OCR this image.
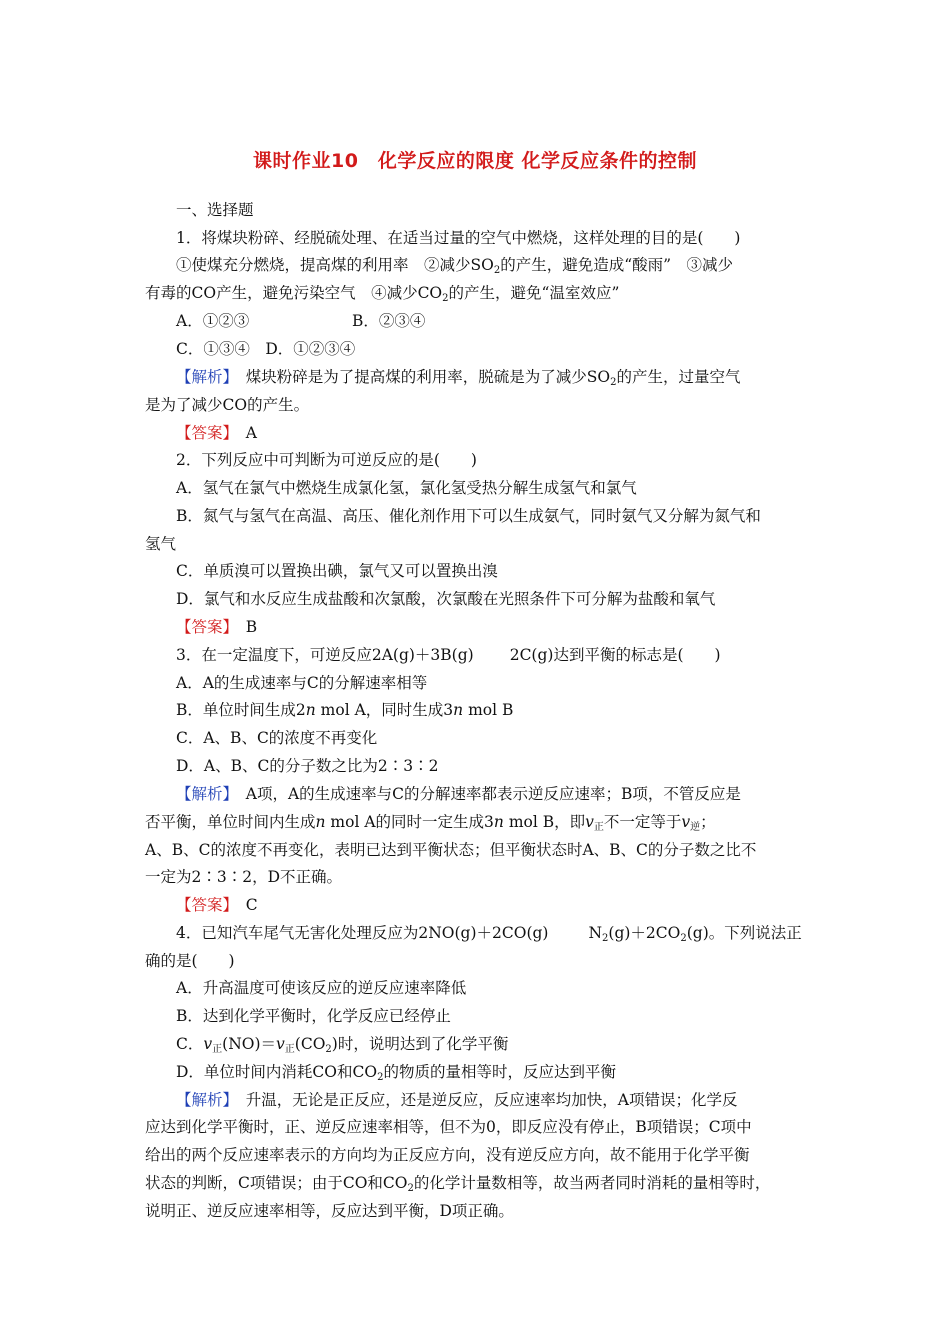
课时作业10　化学反应的限度 化学反应条件的控制
一、选择题
1．将煤块粉碎、经脱硫处理、在适当过量的空气中燃烧，这样处理的目的是(　　)
①使煤充分燃烧，提高煤的利用率　②减少$SO_2$的产生，避免造成“酸雨”　③减少
有毒的CO产生，避免污染空气　④减少$CO_2$的产生，避免“温室效应”
A．①②③	B．②③④
C．①③④　D．①②③④
【解析】　煤块粉碎是为了提高煤的利用率，脱硫是为了减少$SO_2$的产生，过量空气
是为了减少CO的产生。
【答案】　A
2．下列反应中可判断为可逆反应的是(　　)
A．氢气在氯气中燃烧生成氯化氢，氯化氢受热分解生成氢气和氯气
B．氮气与氢气在高温、高压、催化剂作用下可以生成氨气，同时氨气又分解为氮气和
氢气
C．单质溴可以置换出碘，氯气又可以置换出溴
D．氯气和水反应生成盐酸和次氯酸，次氯酸在光照条件下可分解为盐酸和氧气
【答案】　B
3．在一定温度下，可逆反应2A(g)＋3B(g) 2C(g)达到平衡的标志是(　　)
A．A的生成速率与C的分解速率相等
B．单位时间生成2n mol A，同时生成3n mol B
C．A、B、C的浓度不再变化
D．A、B、C的分子数之比为2∶3∶2
【解析】　A项，A的生成速率与C的分解速率都表示逆反应速率；B项，不管反应是
否平衡，单位时间内生成n mol A的同时一定生成3n mol B，即$v_正$不一定等于$v_逆$；
A、B、C的浓度不再变化，表明已达到平衡状态；但平衡状态时A、B、C的分子数之比不
一定为2∶3∶2，D不正确。
【答案】　C
4．已知汽车尾气无害化处理反应为2NO(g)＋2CO(g)	$N_2(g)+2CO_2(g)$。下列说法正
确的是(　　)
A．升高温度可使该反应的逆反应速率降低
B．达到化学平衡时，化学反应已经停止
C．$v_正(NO)=v_正(CO_2)$时，说明达到了化学平衡
D．单位时间内消耗CO和$CO_2$的物质的量相等时，反应达到平衡
【解析】　升温，无论是正反应，还是逆反应，反应速率均加快，A项错误；化学反
应达到化学平衡时，正、逆反应速率相等，但不为0，即反应没有停止，B项错误；C项中
给出的两个反应速率表示的方向均为正反应方向，没有逆反应方向，故不能用于化学平衡
状态的判断，C项错误；由于CO和$CO_2$的化学计量数相等，故当两者同时消耗的量相等时，
说明正、逆反应速率相等，反应达到平衡，D项正确。
